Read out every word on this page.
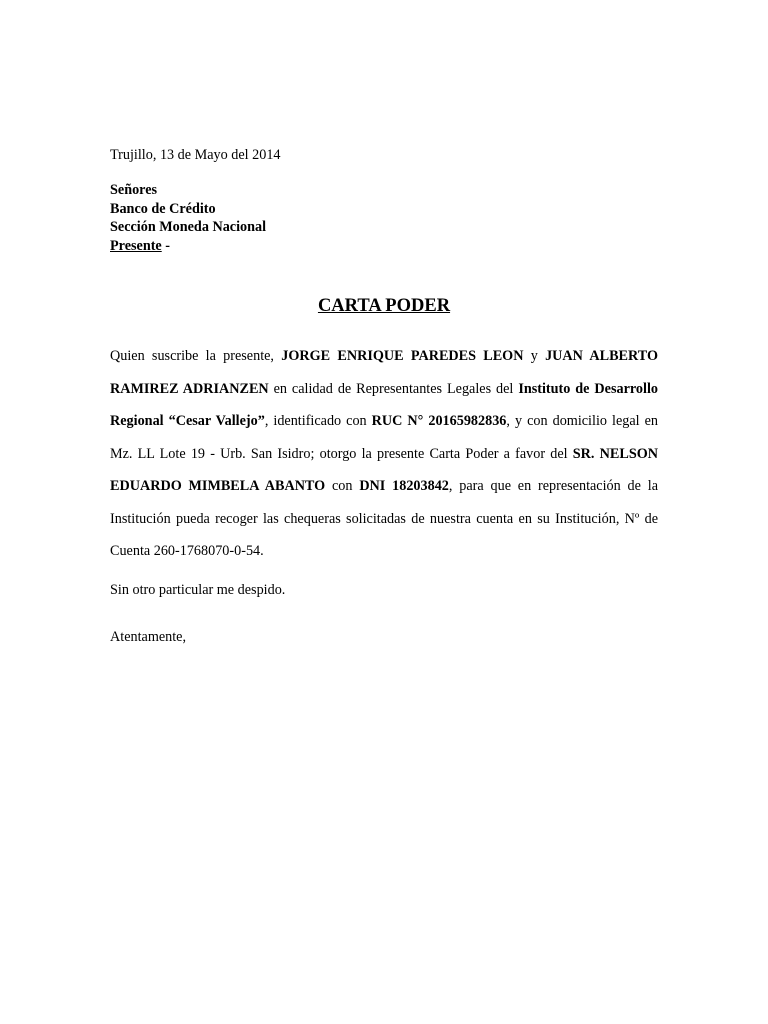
Trujillo, 13 de Mayo del 2014
Señores
Banco de Crédito
Sección Moneda Nacional
Presente -
CARTA PODER

Quien suscribe la presente, JORGE ENRIQUE PAREDES LEON y JUAN ALBERTO RAMIREZ ADRIANZEN en calidad de Representantes Legales del Instituto de Desarrollo Regional “Cesar Vallejo”, identificado con RUC N° 20165982836, y con domicilio legal en Mz. LL Lote 19 - Urb. San Isidro; otorgo la presente Carta Poder a favor del SR. NELSON EDUARDO MIMBELA ABANTO con DNI 18203842, para que en representación de la Institución pueda recoger las chequeras solicitadas de nuestra cuenta en su Institución, Nº de Cuenta 260-1768070-0-54.

Sin otro particular me despido.
Atentamente,
